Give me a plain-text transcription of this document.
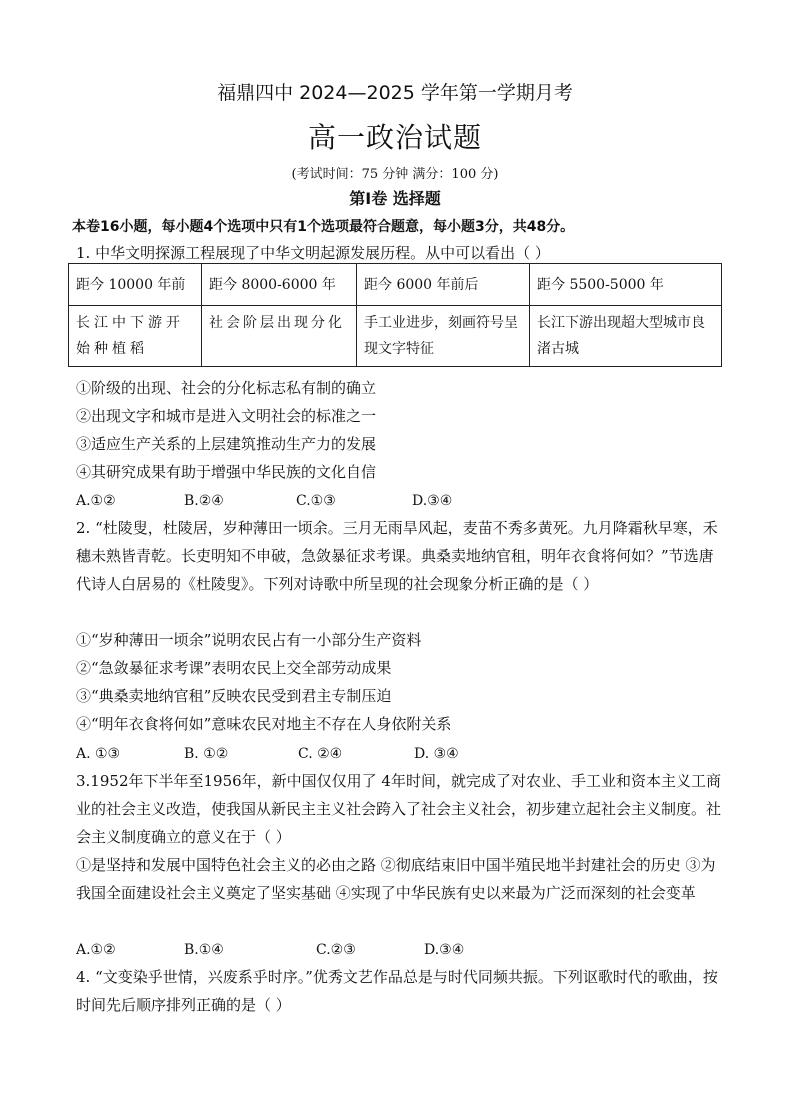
福鼎四中 2024—2025 学年第一学期月考
高一政治试题
(考试时间：75 分钟 满分：100 分)
第Ⅰ卷 选择题
本卷16小题，每小题4个选项中只有1个选项最符合题意，每小题3分，共48分。
1. 中华文明探源工程展现了中华文明起源发展历程。从中可以看出（ ）
距今 10000 年前	距今 8000-6000 年	距今 6000 年前后	距今 5500-5000 年
长江中下游开始种植稻	社会阶层出现分化	手工业进步，刻画符号呈现文字特征	长江下游出现超大型城市良渚古城
①阶级的出现、社会的分化标志私有制的确立
②出现文字和城市是进入文明社会的标准之一
③适应生产关系的上层建筑推动生产力的发展
④其研究成果有助于增强中华民族的文化自信
A.①②	B.②④	C.①③	D.③④
2. “杜陵叟，杜陵居，岁种薄田一顷余。三月无雨旱风起，麦苗不秀多黄死。九月降霜秋早寒，禾穗未熟皆青乾。长吏明知不申破，急敛暴征求考课。典桑卖地纳官租，明年衣食将何如？”节选唐代诗人白居易的《杜陵叟》。下列对诗歌中所呈现的社会现象分析正确的是（ ）
①“岁种薄田一顷余”说明农民占有一小部分生产资料
②“急敛暴征求考课”表明农民上交全部劳动成果
③“典桑卖地纳官租”反映农民受到君主专制压迫
④“明年衣食将何如”意味农民对地主不存在人身依附关系
A. ①③	B. ①②	C. ②④	D. ③④
3.1952年下半年至1956年，新中国仅仅用了 4年时间，就完成了对农业、手工业和资本主义工商业的社会主义改造，使我国从新民主主义社会跨入了社会主义社会，初步建立起社会主义制度。社会主义制度确立的意义在于（ ）
①是坚持和发展中国特色社会主义的必由之路 ②彻底结束旧中国半殖民地半封建社会的历史 ③为我国全面建设社会主义奠定了坚实基础 ④实现了中华民族有史以来最为广泛而深刻的社会变革
A.①②	B.①④	C.②③	D.③④
4. “文变染乎世情，兴废系乎时序。”优秀文艺作品总是与时代同频共振。下列讴歌时代的歌曲，按时间先后顺序排列正确的是（ ）
